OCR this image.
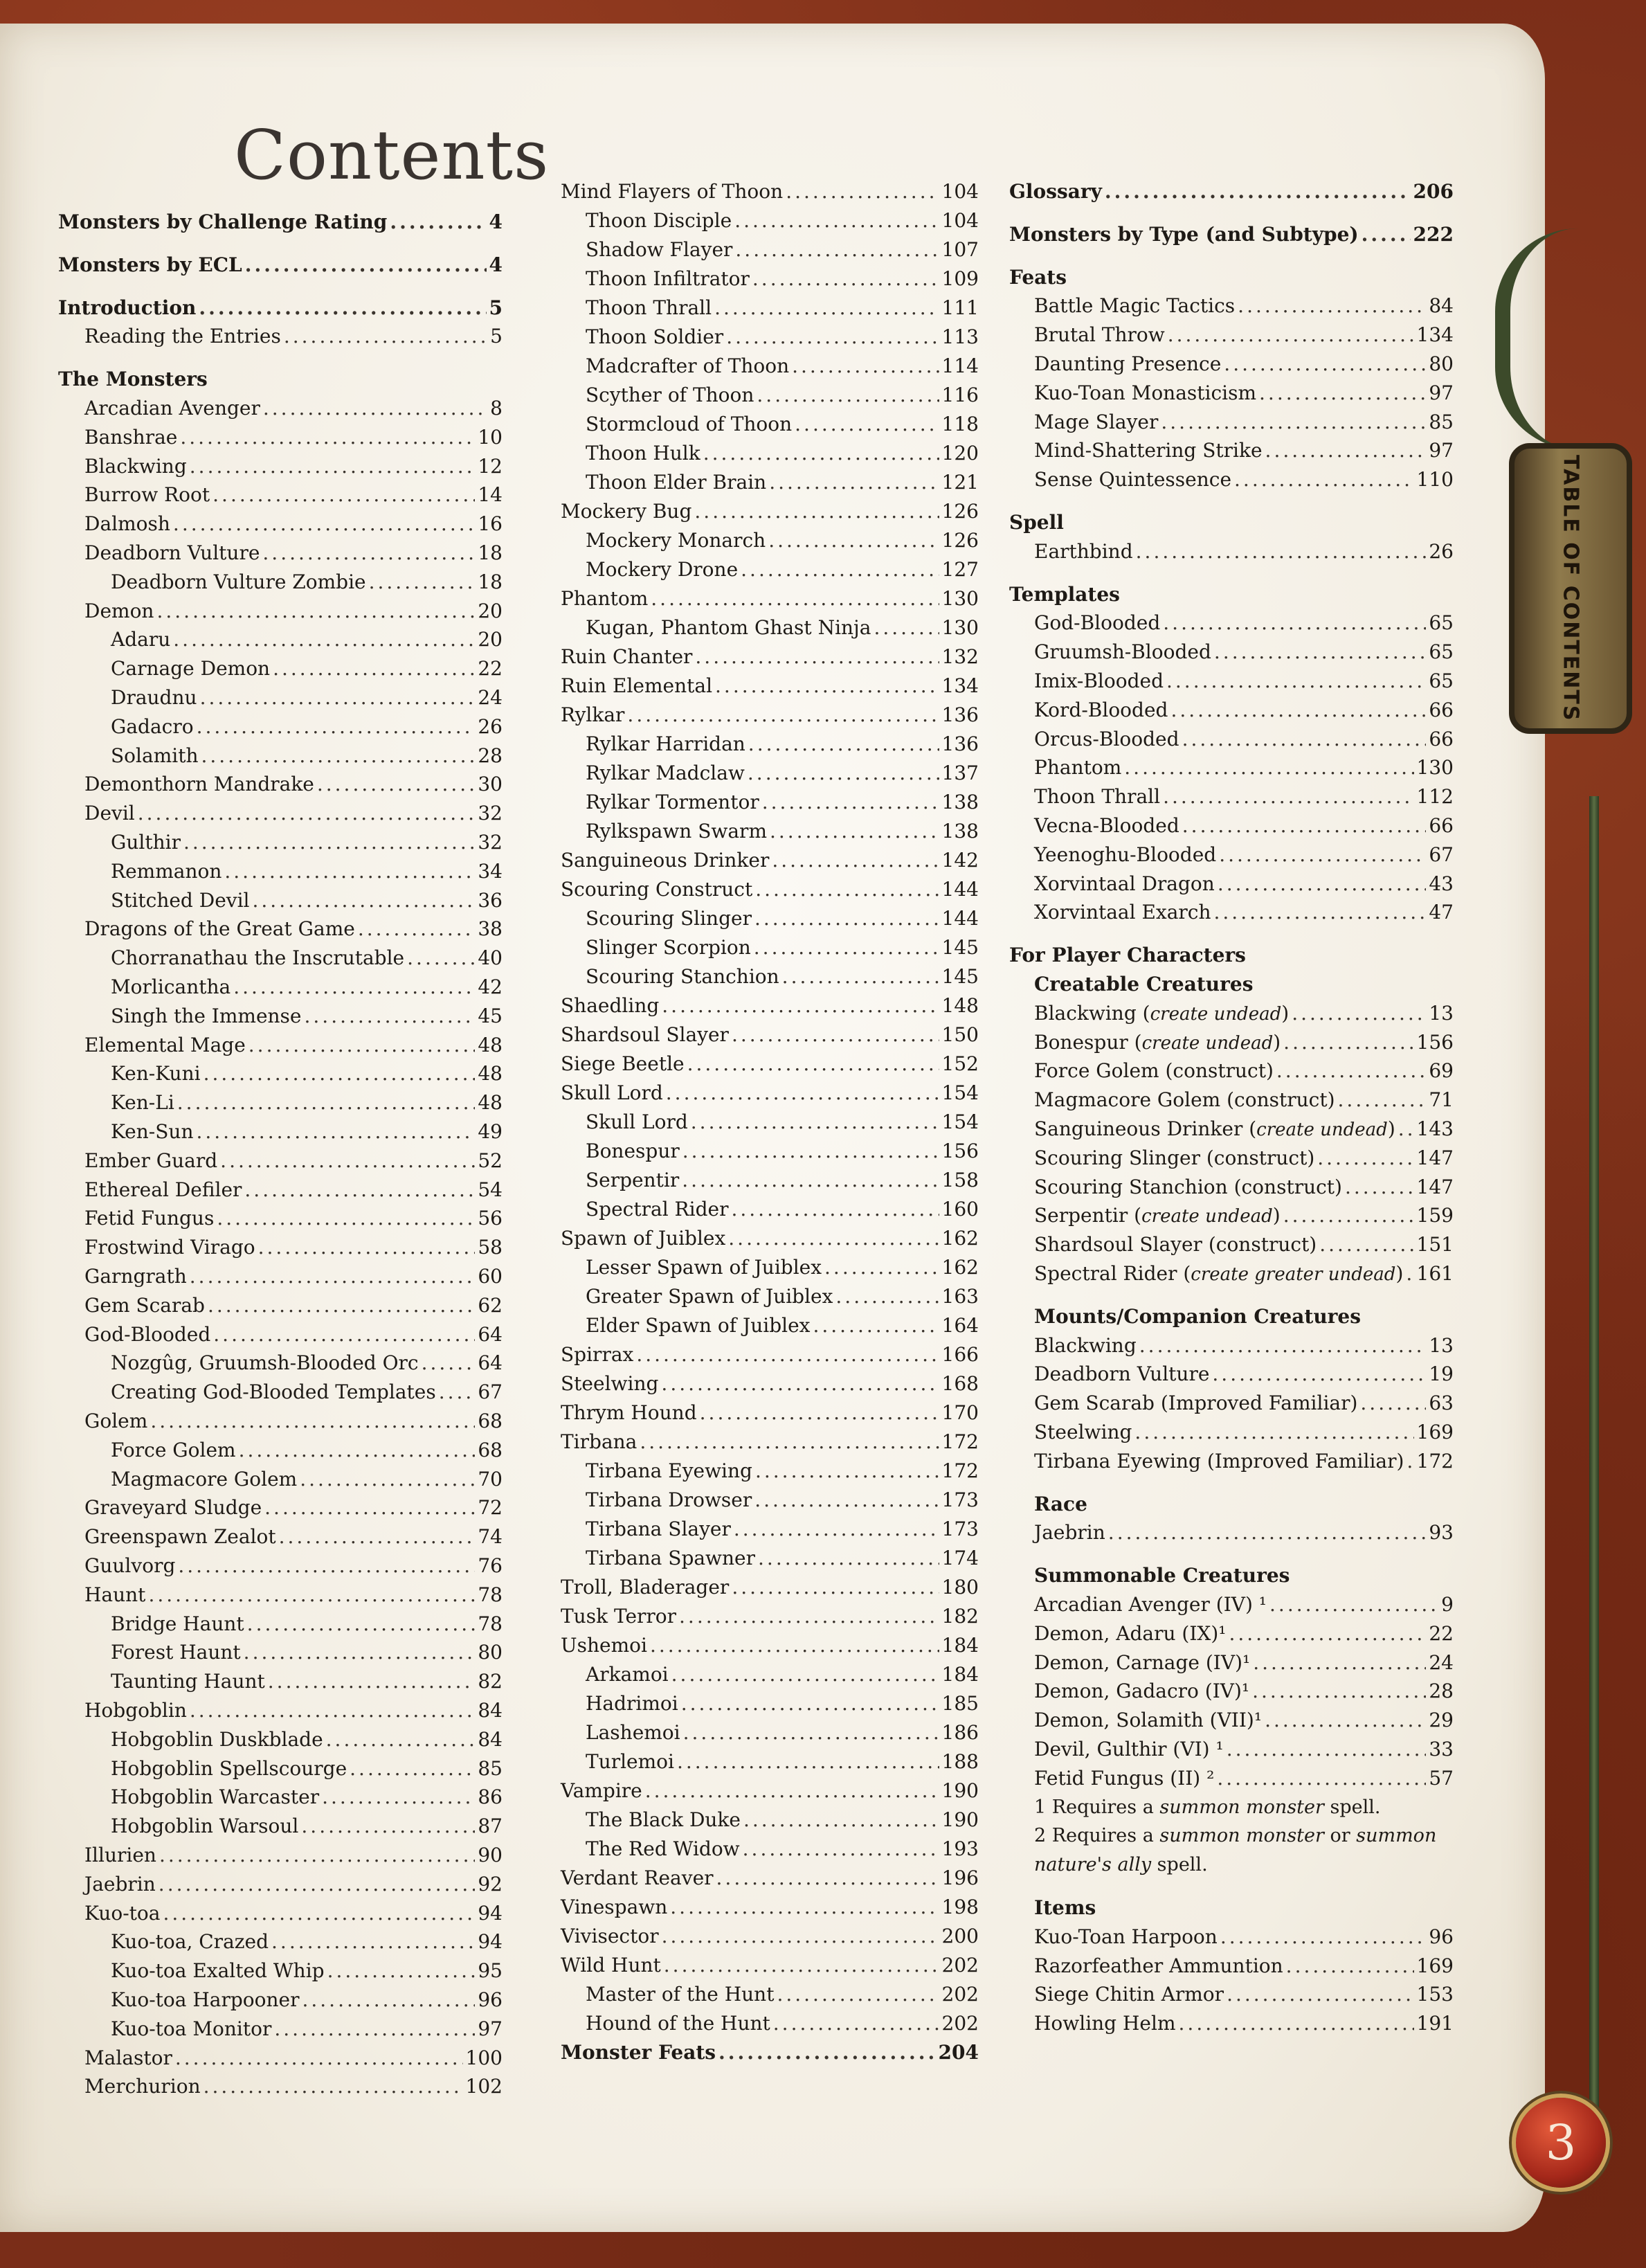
Contents
Monsters by Challenge Rating .....	4
Monsters by ECL .....	4
Introduction .....	5
Reading the Entries .....	5
The Monsters
Arcadian Avenger .....	8
Banshrae .....	10
Blackwing .....	12
Burrow Root .....	14
Dalmosh .....	16
Deadborn Vulture .....	18
Deadborn Vulture Zombie .....	18
Demon .....	20
Adaru .....	20
Carnage Demon .....	22
Draudnu .....	24
Gadacro .....	26
Solamith .....	28
Demonthorn Mandrake .....	30
Devil .....	32
Gulthir .....	32
Remmanon .....	34
Stitched Devil .....	36
Dragons of the Great Game .....	38
Chorranathau the Inscrutable .....	40
Morlicantha .....	42
Singh the Immense .....	45
Elemental Mage .....	48
Ken-Kuni .....	48
Ken-Li .....	48
Ken-Sun .....	49
Ember Guard .....	52
Ethereal Defiler .....	54
Fetid Fungus .....	56
Frostwind Virago .....	58
Garngrath .....	60
Gem Scarab .....	62
God-Blooded .....	64
Nozgûg, Gruumsh-Blooded Orc .....	64
Creating God-Blooded Templates ..... 67
Golem .....	68
Force Golem .....	68
Magmacore Golem .....	70
Graveyard Sludge .....	72
Greenspawn Zealot .....	74
Guulvorg .....	76
Haunt .....	78
Bridge Haunt .....	78
Forest Haunt .....	80
Taunting Haunt .....	82
Hobgoblin .....	84
Hobgoblin Duskblade .....	84
Hobgoblin Spellscourge .....	85
Hobgoblin Warcaster .....	86
Hobgoblin Warsoul .....	87
Illurien .....	90
Jaebrin .....	92
Kuo-toa .....	94
Kuo-toa, Crazed .....	94
Kuo-toa Exalted Whip .....	95
Kuo-toa Harpooner .....	96
Kuo-toa Monitor .....	97
Malastor .....	100
Merchurion .....	102
Mind Flayers of Thoon .....	104
Thoon Disciple .....	104
Shadow Flayer .....	107
Thoon Infiltrator .....	109
Thoon Thrall .....	111
Thoon Soldier .....	113
Madcrafter of Thoon .....	114
Scyther of Thoon .....	116
Stormcloud of Thoon .....	118
Thoon Hulk .....	120
Thoon Elder Brain .....	121
Mockery Bug .....	126
Mockery Monarch .....	126
Mockery Drone .....	127
Phantom .....	130
Kugan, Phantom Ghast Ninja .....	130
Ruin Chanter .....	132
Ruin Elemental .....	134
Rylkar .....	136
Rylkar Harridan .....	136
Rylkar Madclaw .....	137
Rylkar Tormentor .....	138
Rylkspawn Swarm .....	138
Sanguineous Drinker .....	142
Scouring Construct .....	144
Scouring Slinger .....	144
Slinger Scorpion .....	145
Scouring Stanchion .....	145
Shaedling .....	148
Shardsoul Slayer .....	150
Siege Beetle .....	152
Skull Lord .....	154
Skull Lord .....	154
Bonespur .....	156
Serpentir .....	158
Spectral Rider .....	160
Spawn of Juiblex .....	162
Lesser Spawn of Juiblex .....	162
Greater Spawn of Juiblex .....	163
Elder Spawn of Juiblex .....	164
Spirrax .....	166
Steelwing .....	168
Thrym Hound .....	170
Tirbana .....	172
Tirbana Eyewing .....	172
Tirbana Drowser .....	173
Tirbana Slayer .....	173
Tirbana Spawner .....	174
Troll, Bladerager .....	180
Tusk Terror .....	182
Ushemoi .....	184
Arkamoi .....	184
Hadrimoi .....	185
Lashemoi .....	186
Turlemoi .....	188
Vampire .....	190
The Black Duke .....	190
The Red Widow .....	193
Verdant Reaver .....	196
Vinespawn .....	198
Vivisector .....	200
Wild Hunt .....	202
Master of the Hunt .....	202
Hound of the Hunt .....	202
Monster Feats .....	204
Glossary .....	206
Monsters by Type (and Subtype) .....	222
Feats
Battle Magic Tactics .....	84
Brutal Throw .....	134
Daunting Presence .....	80
Kuo-Toan Monasticism .....	97
Mage Slayer .....	85
Mind-Shattering Strike .....	97
Sense Quintessence .....	110
Spell
Earthbind .....	26
Templates
God-Blooded .....	65
Gruumsh-Blooded .....	65
Imix-Blooded .....	65
Kord-Blooded .....	66
Orcus-Blooded .....	66
Phantom .....	130
Thoon Thrall .....	112
Vecna-Blooded .....	66
Yeenoghu-Blooded .....	67
Xorvintaal Dragon .....	43
Xorvintaal Exarch .....	47
For Player Characters
Creatable Creatures
Blackwing (create undead) .....	13
Bonespur (create undead) .....	156
Force Golem (construct) .....	69
Magmacore Golem (construct) .....	71
Sanguineous Drinker (create undead) ..... 143
Scouring Slinger (construct) .....	147
Scouring Stanchion (construct) .....	147
Serpentir (create undead) .....	159
Shardsoul Slayer (construct) .....	151
Spectral Rider (create greater undead) ..... 161
Mounts/Companion Creatures
Blackwing .....	13
Deadborn Vulture .....	19
Gem Scarab (Improved Familiar) .....	63
Steelwing .....	169
Tirbana Eyewing (Improved Familiar) ..... 172
Race
Jaebrin .....	93
Summonable Creatures
Arcadian Avenger (IV) ¹ .....	9
Demon, Adaru (IX)¹ .....	22
Demon, Carnage (IV)¹ .....	24
Demon, Gadacro (IV)¹ .....	28
Demon, Solamith (VII)¹ .....	29
Devil, Gulthir (VI) ¹ .....	33
Fetid Fungus (II) ² .....	57
1 Requires a summon monster spell.
2 Requires a summon monster or summon
nature's ally spell.
Items
Kuo-Toan Harpoon .....	96
Razorfeather Ammuntion .....	169
Siege Chitin Armor .....	153
Howling Helm .....	191
TABLE OF CONTENTS
3
